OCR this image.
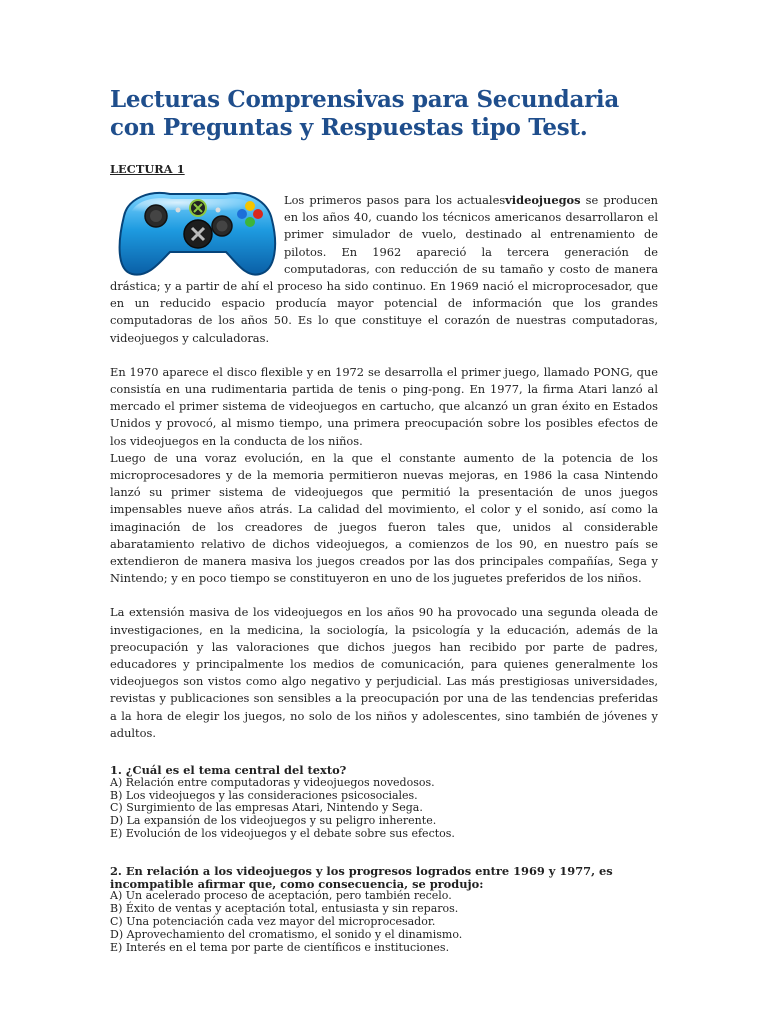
Lecturas Comprensivas para Secundaria con Preguntas y Respuestas tipo Test.
LECTURA 1

Los primeros pasos para los actualesvideojuegos se producen en los años 40, cuando los técnicos americanos desarrollaron el primer simulador de vuelo, destinado al entrenamiento de pilotos. En 1962 apareció la tercera generación de computadoras, con reducción de su tamaño y costo de manera drástica; y a partir de ahí el proceso ha sido continuo. En 1969 nació el microprocesador, que en un reducido espacio producía mayor potencial de información que los grandes computadoras de los años 50. Es lo que constituye el corazón de nuestras computadoras, videojuegos y calculadoras.

En 1970 aparece el disco flexible y en 1972 se desarrolla el primer juego, llamado PONG, que consistía en una rudimentaria partida de tenis o ping-pong. En 1977, la firma Atari lanzó al mercado el primer sistema de videojuegos en cartucho, que alcanzó un gran éxito en Estados Unidos y provocó, al mismo tiempo, una primera preocupación sobre los posibles efectos de los videojuegos en la conducta de los niños.

Luego de una voraz evolución, en la que el constante aumento de la potencia de los microprocesadores y de la memoria permitieron nuevas mejoras, en 1986 la casa Nintendo lanzó su primer sistema de videojuegos que permitió la presentación de unos juegos impensables nueve años atrás. La calidad del movimiento, el color y el sonido, así como la imaginación de los creadores de juegos fueron tales que, unidos al considerable abaratamiento relativo de dichos videojuegos, a comienzos de los 90, en nuestro país se extendieron de manera masiva los juegos creados por las dos principales compañías, Sega y Nintendo; y en poco tiempo se constituyeron en uno de los juguetes preferidos de los niños.

La extensión masiva de los videojuegos en los años 90 ha provocado una segunda oleada de investigaciones, en la medicina, la sociología, la psicología y la educación, además de la preocupación y las valoraciones que dichos juegos han recibido por parte de padres, educadores y principalmente los medios de comunicación, para quienes generalmente los videojuegos son vistos como algo negativo y perjudicial. Las más prestigiosas universidades, revistas y publicaciones son sensibles a la preocupación por una de las tendencias preferidas a la hora de elegir los juegos, no solo de los niños y adolescentes, sino también de jóvenes y adultos.

1. ¿Cuál es el tema central del texto?
A) Relación entre computadoras y videojuegos novedosos.
B) Los videojuegos y las consideraciones psicosociales.
C) Surgimiento de las empresas Atari, Nintendo y Sega.
D) La expansión de los videojuegos y su peligro inherente.
E) Evolución de los videojuegos y el debate sobre sus efectos.
2. En relación a los videojuegos y los progresos logrados entre 1969 y 1977, es incompatible afirmar que, como consecuencia, se produjo:
A) Un acelerado proceso de aceptación, pero también recelo.
B) Éxito de ventas y aceptación total, entusiasta y sin reparos.
C) Una potenciación cada vez mayor del microprocesador.
D) Aprovechamiento del cromatismo, el sonido y el dinamismo.
E) Interés en el tema por parte de científicos e instituciones.
